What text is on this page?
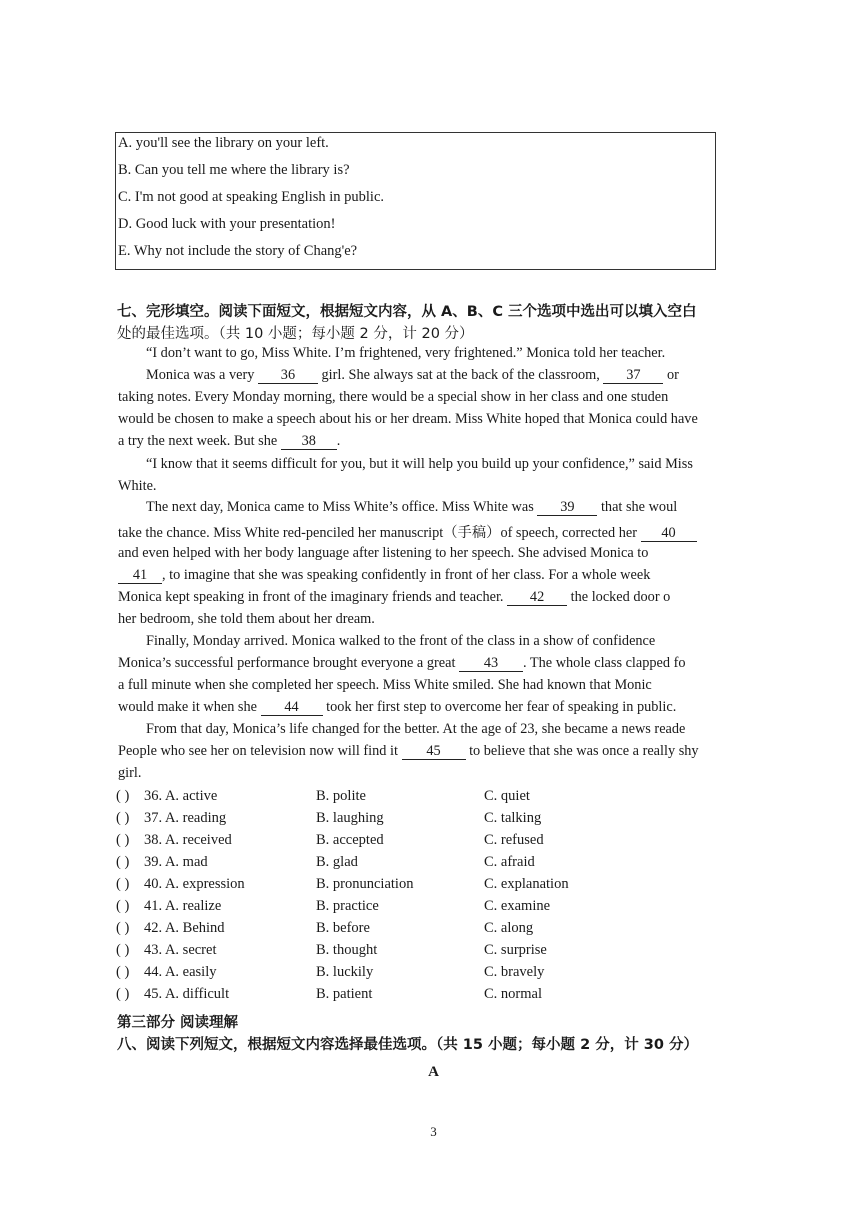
A. you'll see the library on your left.
B. Can you tell me where the library is?
C. I'm not good at speaking English in public.
D. Good luck with your presentation!
E. Why not include the story of Chang'e?
七、完形填空。阅读下面短文，根据短文内容，从 A、B、C 三个选项中选出可以填入空白
处的最佳选项。（共 10 小题；每小题 2 分，计 20 分）
“I don’t want to go, Miss White. I’m frightened, very frightened.” Monica told her teacher.
Monica was a very 36 girl. She always sat at the back of the classroom, 37 or
taking notes. Every Monday morning, there would be a special show in her class and one studen
would be chosen to make a speech about his or her dream. Miss White hoped that Monica could have
a try the next week. But she 38 .
“I know that it seems difficult for you, but it will help you build up your confidence,” said Miss
White.
The next day, Monica came to Miss White’s office. Miss White was 39 that she woul
take the chance. Miss White red-penciled her manuscript（手稿）of speech, corrected her 40
and even helped with her body language after listening to her speech. She advised Monica to
41 , to imagine that she was speaking confidently in front of her class. For a whole week
Monica kept speaking in front of the imaginary friends and teacher. 42 the locked door o
her bedroom, she told them about her dream.
Finally, Monday arrived. Monica walked to the front of the class in a show of confidence
Monica’s successful performance brought everyone a great 43 . The whole class clapped fo
a full minute when she completed her speech. Miss White smiled. She had known that Monic
would make it when she 44 took her first step to overcome her fear of speaking in public.
From that day, Monica’s life changed for the better. At the age of 23, she became a news reade
People who see her on television now will find it 45 to believe that she was once a really shy
girl.
( ) 36. A. active	B. polite	C. quiet
( ) 37. A. reading	B. laughing	C. talking
( ) 38. A. received	B. accepted	C. refused
( ) 39. A. mad	B. glad	C. afraid
( ) 40. A. expression	B. pronunciation	C. explanation
( ) 41. A. realize	B. practice	C. examine
( ) 42. A. Behind	B. before	C. along
( ) 43. A. secret	B. thought	C. surprise
( ) 44. A. easily	B. luckily	C. bravely
( ) 45. A. difficult	B. patient	C. normal
第三部分 阅读理解
八、阅读下列短文，根据短文内容选择最佳选项。（共 15 小题；每小题 2 分，计 30 分）
A
3
